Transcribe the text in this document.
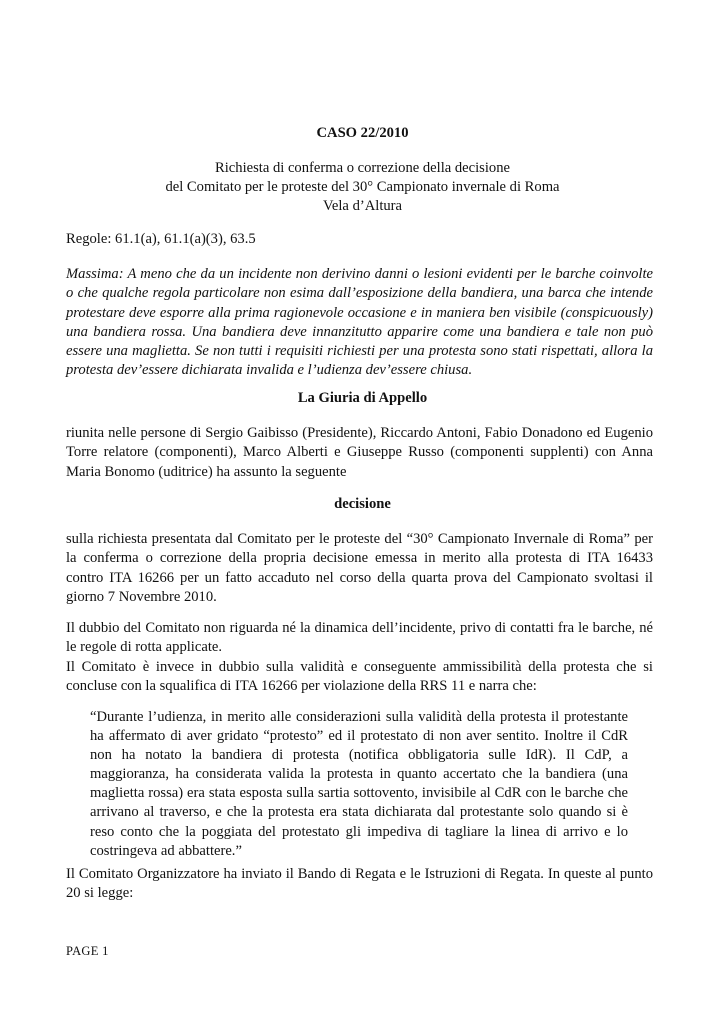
CASO 22/2010
Richiesta di conferma o correzione della decisione
del Comitato per le proteste del 30° Campionato invernale di Roma
Vela d’Altura
Regole: 61.1(a), 61.1(a)(3), 63.5
Massima: A meno che da un incidente non derivino danni o lesioni evidenti per le barche coinvolte
o che qualche regola particolare non esima dall’esposizione della bandiera, una barca che intende
protestare deve esporre alla prima ragionevole occasione e in maniera ben visibile (conspicuously)
una bandiera rossa. Una bandiera deve innanzitutto apparire come una bandiera e tale non può
essere una maglietta. Se non tutti i requisiti richiesti per una protesta sono stati rispettati, allora la
protesta dev’essere dichiarata invalida e l’udienza dev’essere chiusa.
La Giuria di Appello
riunita nelle persone di Sergio Gaibisso (Presidente), Riccardo Antoni, Fabio Donadono ed Eugenio
Torre relatore (componenti), Marco Alberti e Giuseppe Russo (componenti supplenti) con Anna
Maria Bonomo (uditrice) ha assunto la seguente
decisione
sulla richiesta presentata dal Comitato per le proteste del “30° Campionato Invernale di Roma” per
la conferma o correzione della propria decisione emessa in merito alla protesta di ITA 16433
contro ITA 16266 per un fatto accaduto nel corso della quarta prova del Campionato svoltasi il
giorno 7 Novembre 2010.
Il dubbio del Comitato non riguarda né la dinamica dell’incidente, privo di contatti fra le barche, né
le regole di rotta applicate.
Il Comitato è invece in dubbio sulla validità e conseguente ammissibilità della protesta che si
concluse con la squalifica di ITA 16266 per violazione della RRS 11 e narra che:
“Durante l’udienza, in merito alle considerazioni sulla validità della protesta il protestante
ha affermato di aver gridato “protesto” ed il protestato di non aver sentito. Inoltre il CdR
non ha notato la bandiera di protesta (notifica obbligatoria sulle IdR). Il CdP, a
maggioranza, ha considerata valida la protesta in quanto accertato che la bandiera (una
maglietta rossa) era stata esposta sulla sartia sottovento, invisibile al CdR con le barche che
arrivano al traverso, e che la protesta era stata dichiarata dal protestante solo quando si è
reso conto che la poggiata del protestato gli impediva di tagliare la linea di arrivo e lo
costringeva ad abbattere.”
Il Comitato Organizzatore ha inviato il Bando di Regata e le Istruzioni di Regata. In queste al punto
20 si legge:
PAGE 1
